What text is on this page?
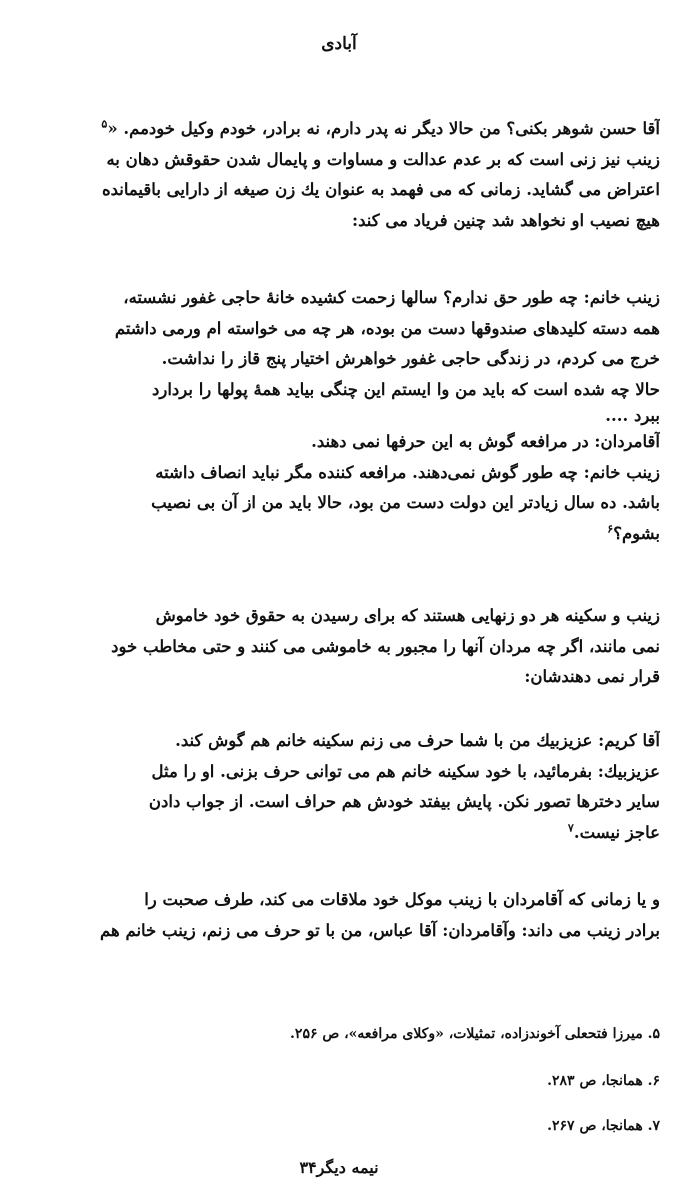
آبادی
آقا حسن شوهر بکنی؟ من حالا دیگر نه پدر دارم، نه برادر، خودم وکیل خودمم. «$^۵$
زینب نیز زنی است که بر عدم عدالت و مساوات و پایمال شدن حقوقش دهان به
اعتراض می گشاید. زمانی که می فهمد به عنوان یك زن صیغه از دارایی باقیمانده
هیچ نصیب او نخواهد شد چنین فریاد می کند:
زینب خانم: چه طور حق ندارم؟ سالها زحمت کشیده خانهٔ حاجی غفور نشسته،
همه دسته کلیدهای صندوقها دست من بوده، هر چه می خواسته ام ورمی داشتم
خرج می کردم، در زندگی حاجی غفور خواهرش اختیار پنج قاز را نداشت.
حالا چه شده است که باید من وا ایستم این چنگی بیاید همهٔ پولها را بردارد
ببرد ....
آقامردان: در مرافعه گوش به این حرفها نمی دهند.
زینب خانم: چه طور گوش نمی‌دهند. مرافعه کننده مگر نباید انصاف داشته
باشد. ده سال زیادتر این دولت دست من بود، حالا باید من از آن بی نصیب
بشوم؟$^۶$
زینب و سکینه هر دو زنهایی هستند که برای رسیدن به حقوق خود خاموش
نمی مانند، اگر چه مردان آنها را مجبور به خاموشی می کنند و حتی مخاطب خود
قرار نمی دهندشان:
آقا کریم: عزیزبیك من با شما حرف می زنم سکینه خانم هم گوش کند.
عزیزبیك: بفرمائید، با خود سکینه خانم هم می توانی حرف بزنی. او را مثل
سایر دخترها تصور نکن. پایش بیفتد خودش هم حراف است. از جواب دادن
عاجز نیست.$^۷$
و یا زمانی که آقامردان با زینب موکل خود ملاقات می کند، طرف صحبت را
برادر زینب می داند: وآقامردان: آقا عباس، من با تو حرف می زنم، زینب خانم هم
۵. میرزا فتحعلی آخوندزاده، تمثیلات، «وکلای مرافعه»، ص ۲۵۶.
۶. همانجا، ص ۲۸۳.
۷. همانجا، ص ۲۶۷.
نیمه دیگر۳۴
